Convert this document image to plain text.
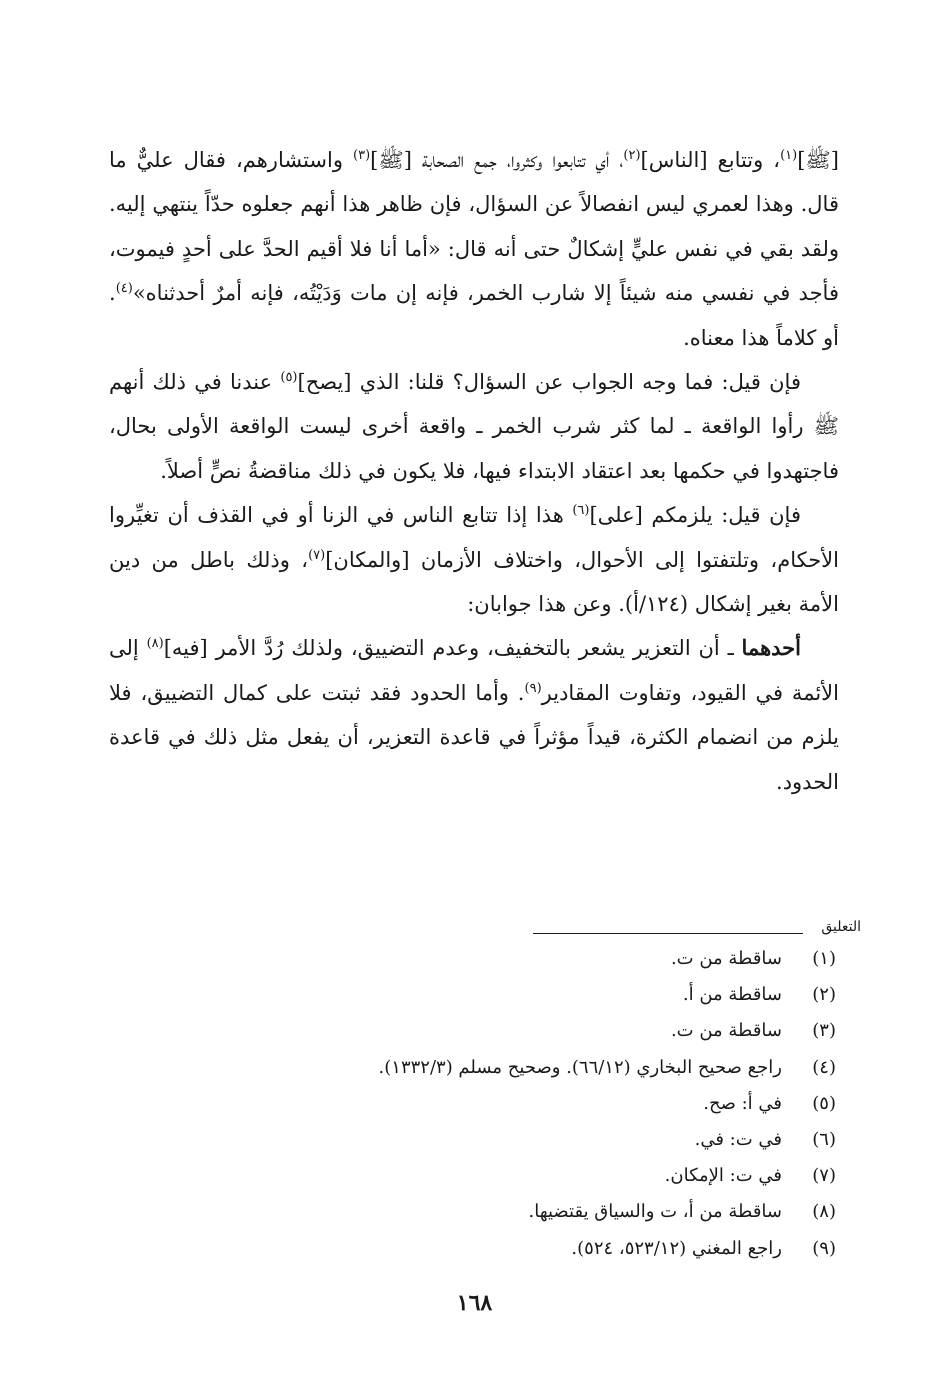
[ﷺ]$^{(١)}$، وتتابع [الناس]$^{(٢)}$، أي تتابعوا وكثروا، جمع الصحابة [ﷺ]$^{(٣)}$ واستشارهم، فقال عليٌّ ما قال. وهذا لعمري ليس انفصالاً عن السؤال، فإن ظاهر هذا أنهم جعلوه حدّاً ينتهي إليه. ولقد بقي في نفس عليٍّ إشكالٌ حتى أنه قال: «أما أنا فلا أقيم الحدَّ على أحدٍ فيموت، فأجد في نفسي منه شيئاً إلا شارب الخمر، فإنه إن مات وَدَيْتُه، فإنه أمرٌ أحدثناه»$^{(٤)}$. أو كلاماً هذا معناه.

فإن قيل: فما وجه الجواب عن السؤال؟ قلنا: الذي [يصح]$^{(٥)}$ عندنا في ذلك أنهم ﷺ رأوا الواقعة ـ لما كثر شرب الخمر ـ واقعة أخرى ليست الواقعة الأولى بحال، فاجتهدوا في حكمها بعد اعتقاد الابتداء فيها، فلا يكون في ذلك مناقضةُ نصٍّ أصلاً.

فإن قيل: يلزمكم [على]$^{(٦)}$ هذا إذا تتابع الناس في الزنا أو في القذف أن تغيِّروا الأحكام، وتلتفتوا إلى الأحوال، واختلاف الأزمان [والمكان]$^{(٧)}$، وذلك باطل من دين الأمة بغير إشكال (١٢٤/أ). وعن هذا جوابان:

أحدهما ـ أن التعزير يشعر بالتخفيف، وعدم التضييق، ولذلك رُدَّ الأمر [فيه]$^{(٨)}$ إلى الأئمة في القيود، وتفاوت المقادير$^{(٩)}$. وأما الحدود فقد ثبتت على كمال التضييق، فلا يلزم من انضمام الكثرة، قيداً مؤثراً في قاعدة التعزير، أن يفعل مثل ذلك في قاعدة الحدود.

التعليق
(١)
ساقطة من ت.
(٢)
ساقطة من أ.
(٣)
ساقطة من ت.
(٤)
راجع صحيح البخاري (٦٦/١٢). وصحيح مسلم (١٣٣٢/٣).
(٥)
في أ: صح.
(٦)
في ت: في.
(٧)
في ت: الإمكان.
(٨)
ساقطة من أ، ت والسياق يقتضيها.
(٩)
راجع المغني (٥٢٣/١٢، ٥٢٤).
١٦٨
